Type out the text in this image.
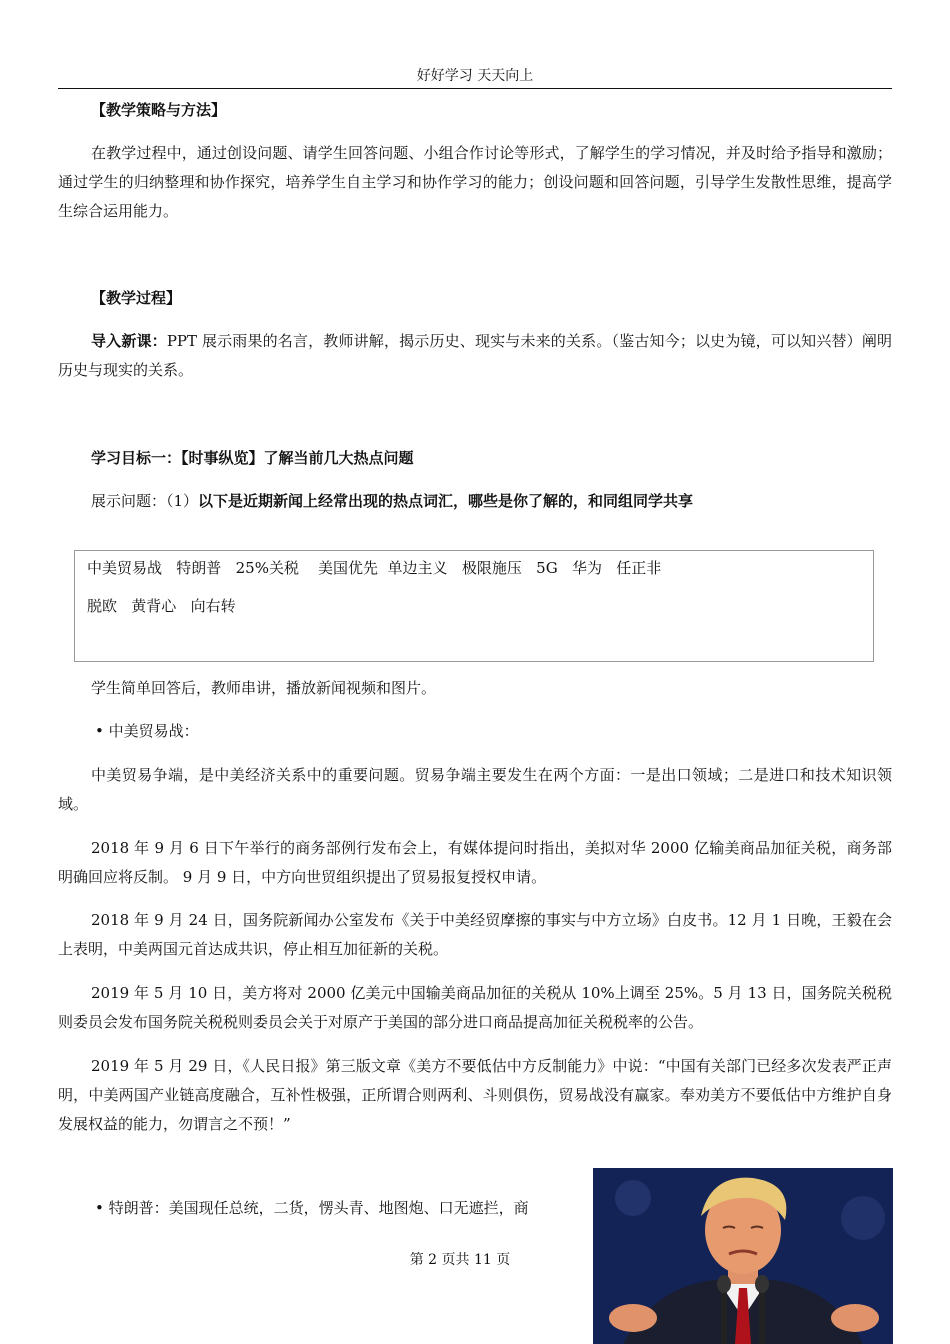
好好学习 天天向上
【教学策略与方法】
在教学过程中，通过创设问题、请学生回答问题、小组合作讨论等形式，了解学生的学习情况，并及时给予指导和激励；通过学生的归纳整理和协作探究，培养学生自主学习和协作学习的能力；创设问题和回答问题，引导学生发散性思维，提高学生综合运用能力。
【教学过程】
导入新课：PPT 展示雨果的名言，教师讲解，揭示历史、现实与未来的关系。（鉴古知今；以史为镜，可以知兴替）阐明历史与现实的关系。
学习目标一：【时事纵览】了解当前几大热点问题
展示问题：（1）以下是近期新闻上经常出现的热点词汇，哪些是你了解的，和同组同学共享
中美贸易战   特朗普   25%关税    美国优先  单边主义   极限施压   5G   华为   任正非
脱欧   黄背心   向右转
学生简单回答后，教师串讲，播放新闻视频和图片。
• 中美贸易战：
中美贸易争端，是中美经济关系中的重要问题。贸易争端主要发生在两个方面：一是出口领域；二是进口和技术知识领域。
2018 年 9 月 6 日下午举行的商务部例行发布会上，有媒体提问时指出，美拟对华 2000 亿输美商品加征关税，商务部明确回应将反制。 9 月 9 日，中方向世贸组织提出了贸易报复授权申请。
2018 年 9 月 24 日，国务院新闻办公室发布《关于中美经贸摩擦的事实与中方立场》白皮书。12 月 1 日晚，王毅在会上表明，中美两国元首达成共识，停止相互加征新的关税。
2019 年 5 月 10 日，美方将对 2000 亿美元中国输美商品加征的关税从 10%上调至 25%。5 月 13 日，国务院关税税则委员会发布国务院关税税则委员会关于对原产于美国的部分进口商品提高加征关税税率的公告。
2019 年 5 月 29 日，《人民日报》第三版文章《美方不要低估中方反制能力》中说：“中国有关部门已经多次发表严正声明，中美两国产业链高度融合，互补性极强，正所谓合则两利、斗则俱伤，贸易战没有赢家。奉劝美方不要低估中方维护自身发展权益的能力，勿谓言之不预！”
• 特朗普：美国现任总统，二货，愣头青、地图炮、口无遮拦，商
第 2 页共 11 页
